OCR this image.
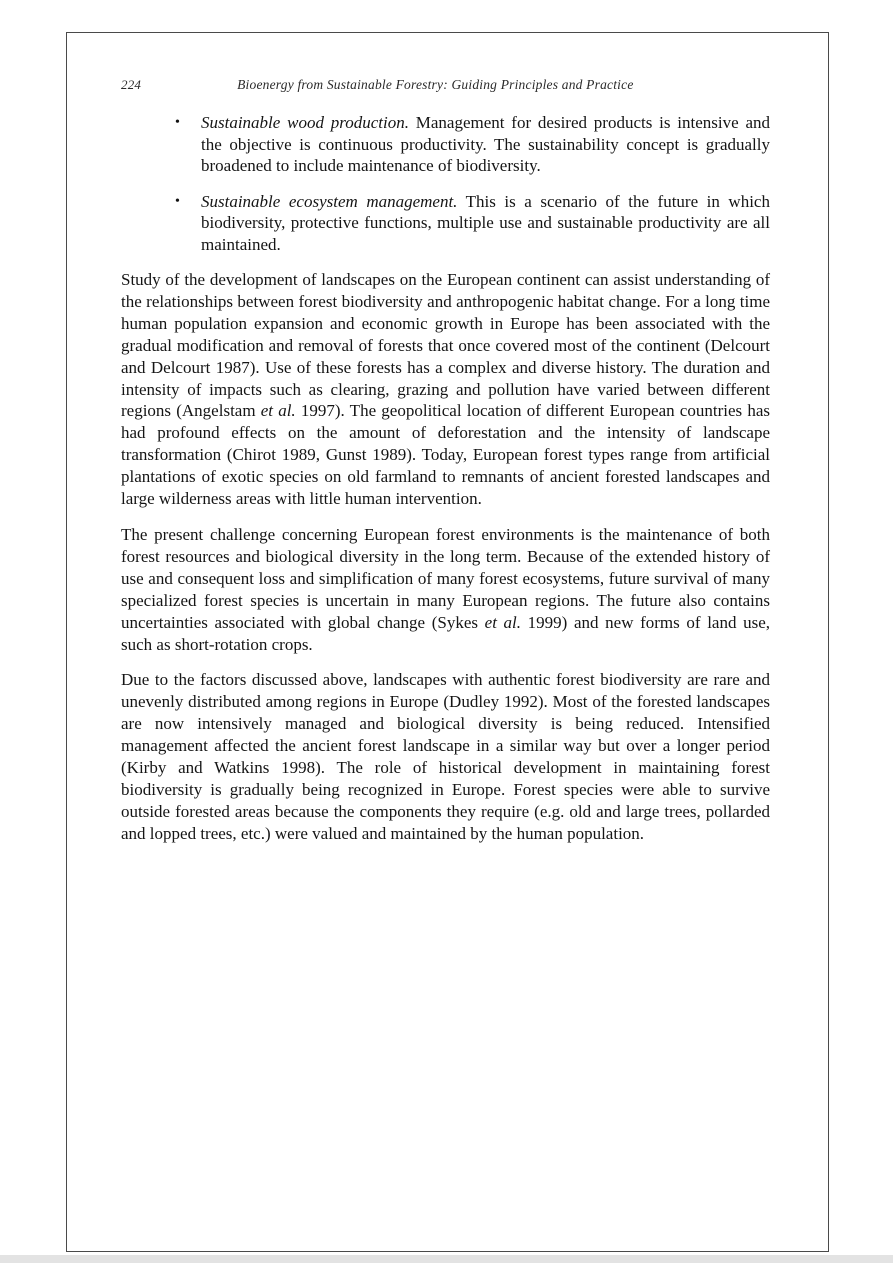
224	Bioenergy from Sustainable Forestry: Guiding Principles and Practice
•	Sustainable wood production. Management for desired products is intensive and the objective is continuous productivity. The sustainability concept is gradually broadened to include maintenance of biodiversity.
•	Sustainable ecosystem management. This is a scenario of the future in which biodiversity, protective functions, multiple use and sustainable productivity are all maintained.

Study of the development of landscapes on the European continent can assist understanding of the relationships between forest biodiversity and anthropogenic habitat change. For a long time human population expansion and economic growth in Europe has been associated with the gradual modification and removal of forests that once covered most of the continent (Delcourt and Delcourt 1987). Use of these forests has a complex and diverse history. The duration and intensity of impacts such as clearing, grazing and pollution have varied between different regions (Angelstam et al. 1997). The geopolitical location of different European countries has had profound effects on the amount of deforestation and the intensity of landscape transformation (Chirot 1989, Gunst 1989). Today, European forest types range from artificial plantations of exotic species on old farmland to remnants of ancient forested landscapes and large wilderness areas with little human intervention.

The present challenge concerning European forest environments is the maintenance of both forest resources and biological diversity in the long term. Because of the extended history of use and consequent loss and simplification of many forest ecosystems, future survival of many specialized forest species is uncertain in many European regions. The future also contains uncertainties associated with global change (Sykes et al. 1999) and new forms of land use, such as short-rotation crops.

Due to the factors discussed above, landscapes with authentic forest biodiversity are rare and unevenly distributed among regions in Europe (Dudley 1992). Most of the forested landscapes are now intensively managed and biological diversity is being reduced. Intensified management affected the ancient forest landscape in a similar way but over a longer period (Kirby and Watkins 1998). The role of historical development in maintaining forest biodiversity is gradually being recognized in Europe. Forest species were able to survive outside forested areas because the components they require (e.g. old and large trees, pollarded and lopped trees, etc.) were valued and maintained by the human population.
